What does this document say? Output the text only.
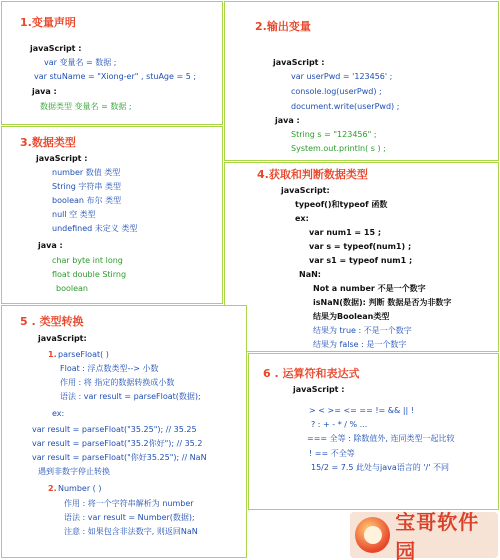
1.变量声明
javaScript :
var 变量名 = 数据 ;
var stuName = "Xiong-er" , stuAge = 5 ;
java :
数据类型 变量名 = 数据 ;
2.输出变量
javaScript :
var userPwd = '123456' ;
console.log(userPwd) ;
document.write(userPwd) ;
java :
String s = "123456" ;
System.out.println( s ) ;
3.数据类型
javaScript :
number 数值 类型
String 字符串 类型
boolean 布尔 类型
null 空 类型
undefined 未定义 类型
java :
char byte int long
float double Stirng
boolean
4.获取和判断数据类型
javaScript:
typeof()和typeof 函数
ex:
var num1 = 15 ;
var s = typeof(num1) ;
var s1 = typeof num1 ;
NaN:
Not a number 不是一个数字
isNaN(数据): 判断 数据是否为非数字
结果为Boolean类型
结果为 true : 不是一个数字
结果为 false : 是一个数字
5 . 类型转换
javaScript:
1. parseFloat( )
Float : 浮点数类型--> 小数
作用 : 将 指定的数据转换成小数
语法 : var result = parseFloat(数据);
ex:
var result = parseFloat("35.25"); // 35.25
var result = parseFloat("35.2你好"); // 35.2
var result = parseFloat("你好35.25"); // NaN
遇到非数字停止转换
2. Number ( )
作用 : 将一个字符串解析为 number
语法 : var result = Number(数据);
注意 : 如果包含非法数字, 则返回NaN
6 . 运算符和表达式
javaScript :
> < >= <= == != && || !
? : + - * / % ...
=== 全等 : 除数值外, 连同类型一起比较
! == 不全等
15/2 = 7.5 此处与java语言的 '/' 不同
宝哥软件园
